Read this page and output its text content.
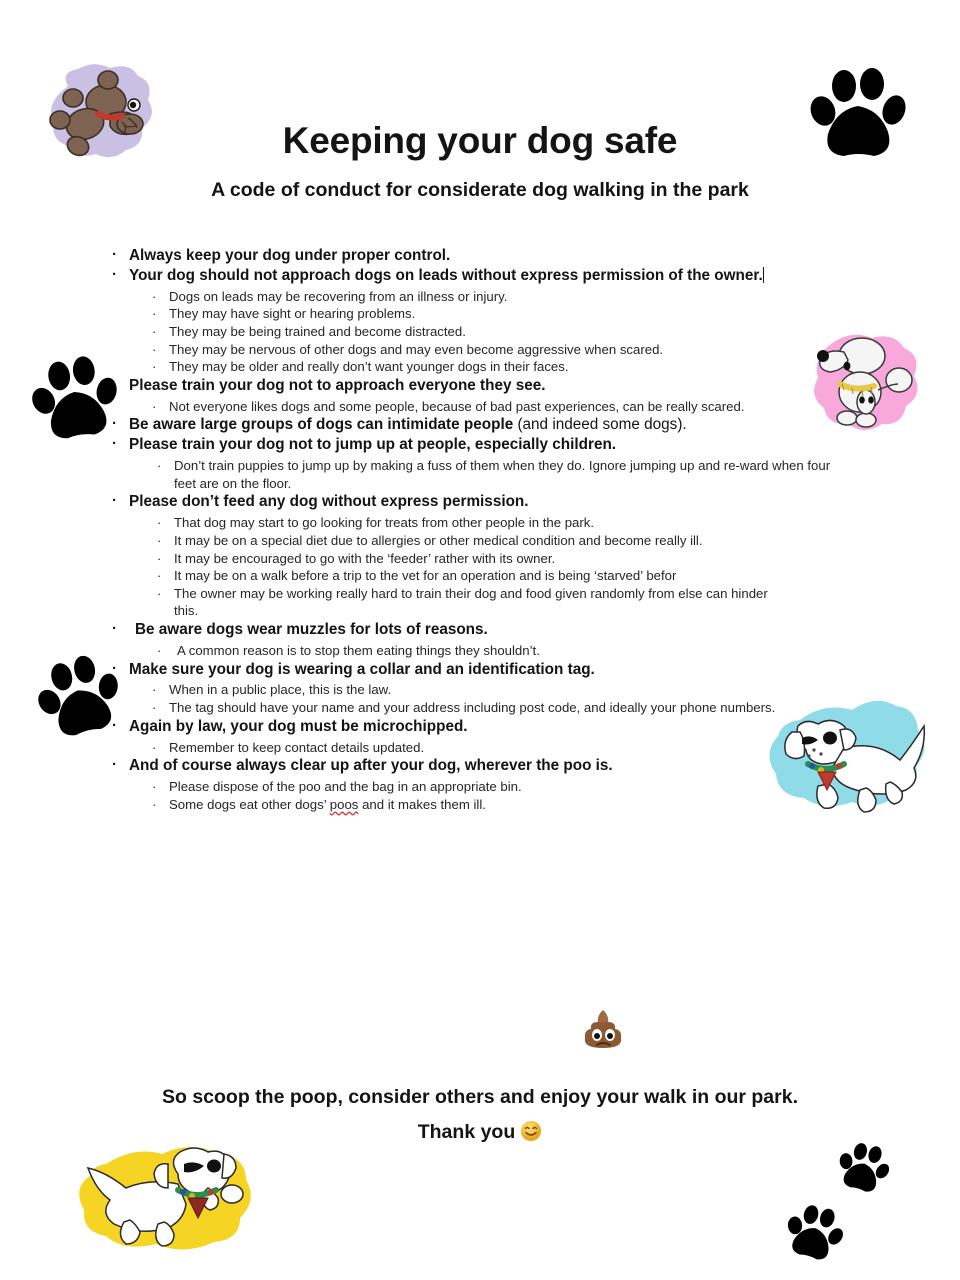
Keeping your dog safe
A code of conduct for considerate dog walking in the park
· Always keep your dog under proper control.
· Your dog should not approach dogs on leads without express permission of the owner.
· Dogs on leads may be recovering from an illness or injury.
· They may have sight or hearing problems.
· They may be being trained and become distracted.
· They may be nervous of other dogs and may even become aggressive when scared.
· They may be older and really don’t want younger dogs in their faces.
· Please train your dog not to approach everyone they see.
· Not everyone likes dogs and some people, because of bad past experiences, can be really scared.
· Be aware large groups of dogs can intimidate people (and indeed some dogs).
· Please train your dog not to jump up at people, especially children.
· Don’t train puppies to jump up by making a fuss of them when they do. Ignore jumping up and re-ward when four feet are on the floor.
· Please don’t feed any dog without express permission.
· That dog may start to go looking for treats from other people in the park.
· It may be on a special diet due to allergies or other medical condition and become really ill.
· It may be encouraged to go with the ‘feeder’ rather with its owner.
· It may be on a walk before a trip to the vet for an operation and is being ‘starved’ befor
· The owner may be working really hard to train their dog and food given randomly from else can hinder this.
· Be aware dogs wear muzzles for lots of reasons.
· A common reason is to stop them eating things they shouldn’t.
· Make sure your dog is wearing a collar and an identification tag.
· When in a public place, this is the law.
· The tag should have your name and your address including post code, and ideally your phone numbers.
· Again by law, your dog must be microchipped.
· Remember to keep contact details updated.
· And of course always clear up after your dog, wherever the poo is.
· Please dispose of the poo and the bag in an appropriate bin.
· Some dogs eat other dogs’ poos and it makes them ill.
So scoop the poop, consider others and enjoy your walk in our park.
Thank you
